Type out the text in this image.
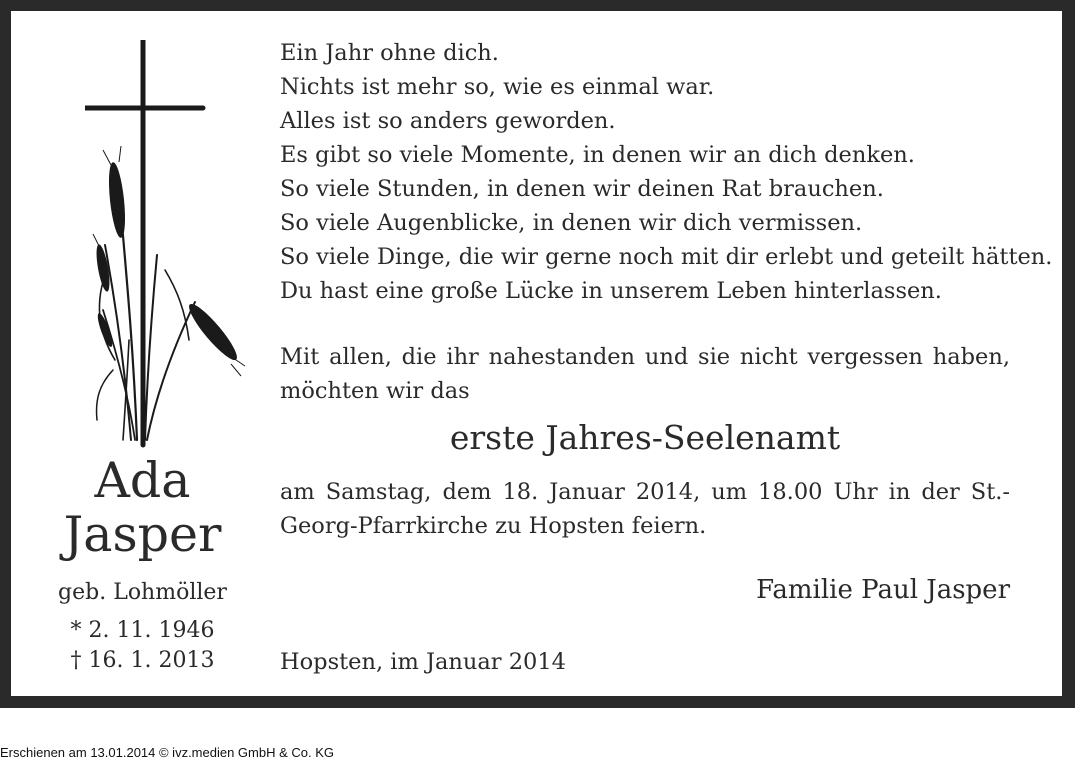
Ada
Jasper
geb. Lohmöller
* 2. 11. 1946
† 16. 1. 2013
Ein Jahr ohne dich.
Nichts ist mehr so, wie es einmal war.
Alles ist so anders geworden.
Es gibt so viele Momente, in denen wir an dich denken.
So viele Stunden, in denen wir deinen Rat brauchen.
So viele Augenblicke, in denen wir dich vermissen.
So viele Dinge, die wir gerne noch mit dir erlebt und geteilt hätten.
Du hast eine große Lücke in unserem Leben hinterlassen.
Mit allen, die ihr nahestanden und sie nicht vergessen haben, möchten wir das
erste Jahres-Seelenamt
am Samstag, dem 18. Januar 2014, um 18.00 Uhr in der St.-Georg-Pfarrkirche zu Hopsten feiern.
Familie Paul Jasper
Hopsten, im Januar 2014
Erschienen am 13.01.2014 © ivz.medien GmbH & Co. KG
